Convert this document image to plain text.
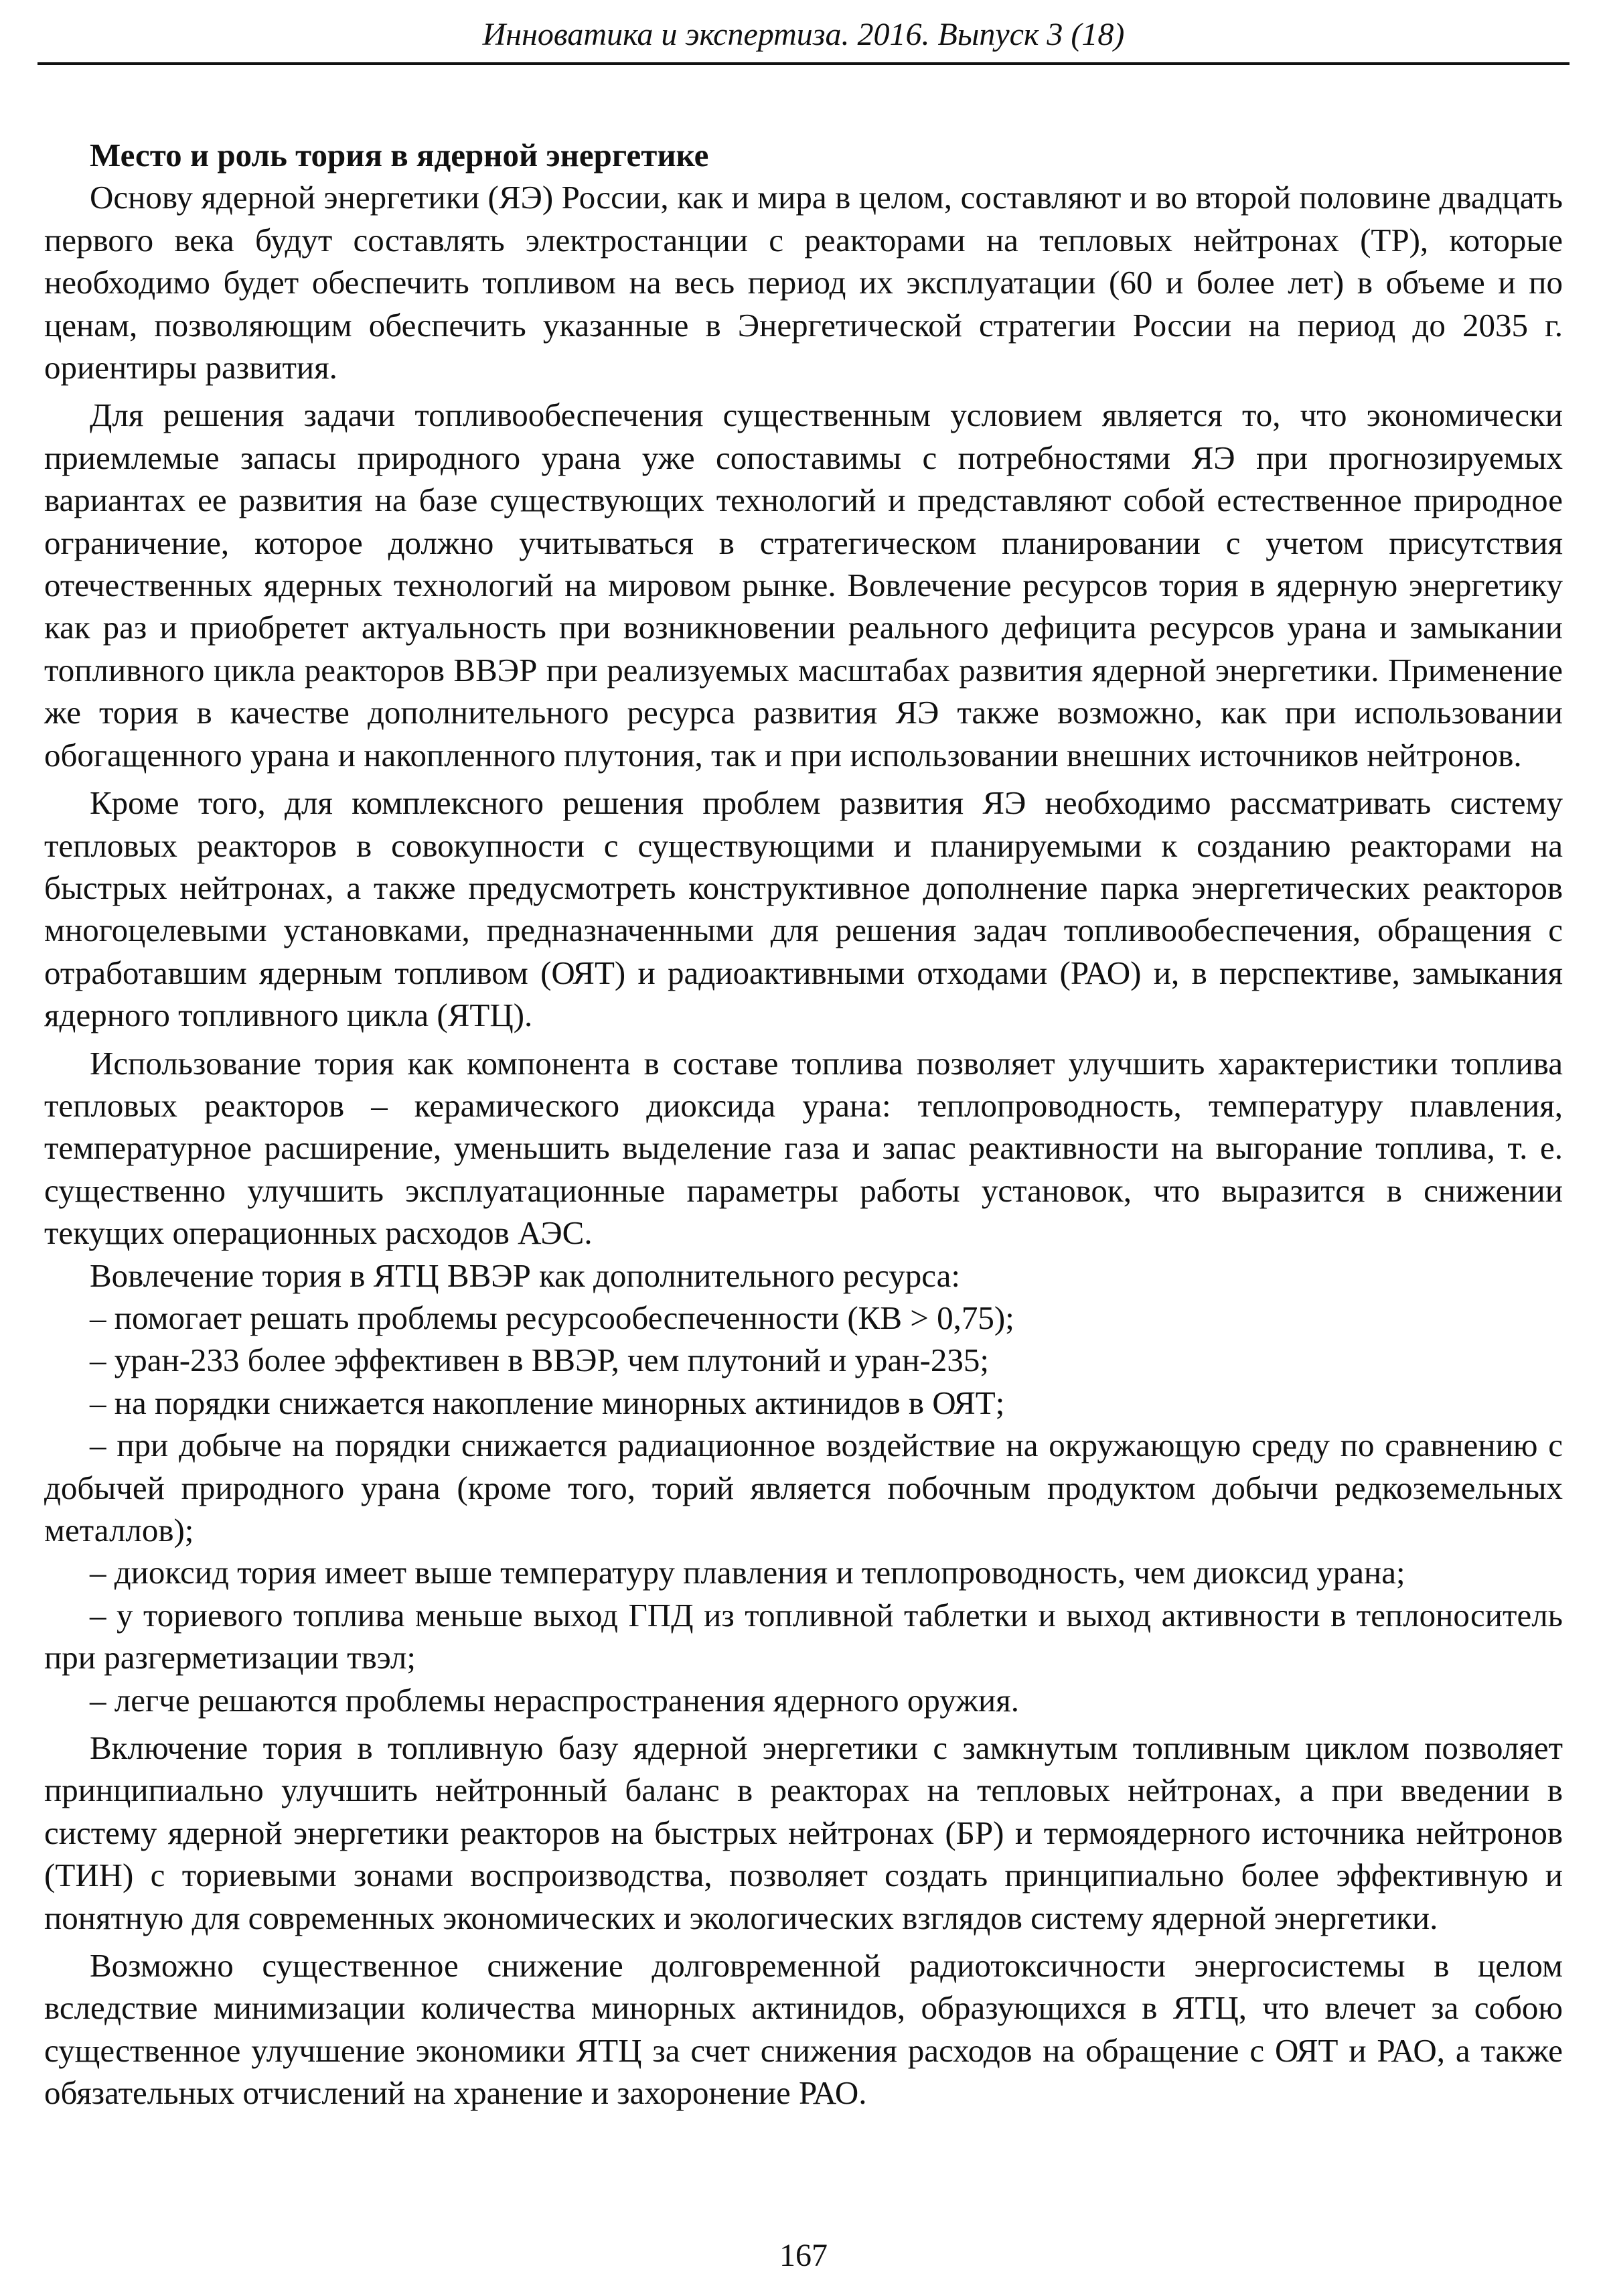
Инноватика и экспертиза. 2016. Выпуск 3 (18)
Место и роль тория в ядерной энергетике

Основу ядерной энергетики (ЯЭ) России, как и мира в целом, составляют и во второй половине двадцать первого века будут составлять электростанции с реакторами на тепловых нейтронах (ТР), которые необходимо будет обеспечить топливом на весь период их эксплуатации (60 и более лет) в объеме и по ценам, позволяющим обеспечить указанные в Энергетической стратегии России на период до 2035 г. ориентиры развития.

Для решения задачи топливообеспечения существенным условием является то, что экономически приемлемые запасы природного урана уже сопоставимы с потребностями ЯЭ при прогнозируемых вариантах ее развития на базе существующих технологий и представляют собой естественное природное ограничение, которое должно учитываться в стратегическом планировании с учетом присутствия отечественных ядерных технологий на мировом рынке. Вовлечение ресурсов тория в ядерную энергетику как раз и приобретет актуальность при возникновении реального дефицита ресурсов урана и замыкании топливного цикла реакторов ВВЭР при реализуемых масштабах развития ядерной энергетики. Применение же тория в качестве дополнительного ресурса развития ЯЭ также возможно, как при использовании обогащенного урана и накопленного плутония, так и при использовании внешних источников нейтронов.

Кроме того, для комплексного решения проблем развития ЯЭ необходимо рассматривать систему тепловых реакторов в совокупности с существующими и планируемыми к созданию реакторами на быстрых нейтронах, а также предусмотреть конструктивное дополнение парка энергетических реакторов многоцелевыми установками, предназначенными для решения задач топливообеспечения, обращения с отработавшим ядерным топливом (ОЯТ) и радиоактивными отходами (РАО) и, в перспективе, замыкания ядерного топливного цикла (ЯТЦ).

Использование тория как компонента в составе топлива позволяет улучшить характеристики топлива тепловых реакторов – керамического диоксида урана: теплопроводность, температуру плавления, температурное расширение, уменьшить выделение газа и запас реактивности на выгорание топлива, т. е. существенно улучшить эксплуатационные параметры работы установок, что выразится в снижении текущих операционных расходов АЭС.

Вовлечение тория в ЯТЦ ВВЭР как дополнительного ресурса:

– помогает решать проблемы ресурсообеспеченности (КВ > 0,75);

– уран-233 более эффективен в ВВЭР, чем плутоний и уран-235;

– на порядки снижается накопление минорных актинидов в ОЯТ;

– при добыче на порядки снижается радиационное воздействие на окружающую среду по сравнению с добычей природного урана (кроме того, торий является побочным продуктом добычи редкоземельных металлов);

– диоксид тория имеет выше температуру плавления и теплопроводность, чем диоксид урана;

– у ториевого топлива меньше выход ГПД из топливной таблетки и выход активности в теплоноситель при разгерметизации твэл;

– легче решаются проблемы нераспространения ядерного оружия.

Включение тория в топливную базу ядерной энергетики с замкнутым топливным циклом позволяет принципиально улучшить нейтронный баланс в реакторах на тепловых нейтронах, а при введении в систему ядерной энергетики реакторов на быстрых нейтронах (БР) и термоядерного источника нейтронов (ТИН) с ториевыми зонами воспроизводства, позволяет создать принципиально более эффективную и понятную для современных экономических и экологических взглядов систему ядерной энергетики.

Возможно существенное снижение долговременной радиотоксичности энергосистемы в целом вследствие минимизации количества минорных актинидов, образующихся в ЯТЦ, что влечет за собою существенное улучшение экономики ЯТЦ за счет снижения расходов на обращение с ОЯТ и РАО, а также обязательных отчислений на хранение и захоронение РАО.

167
